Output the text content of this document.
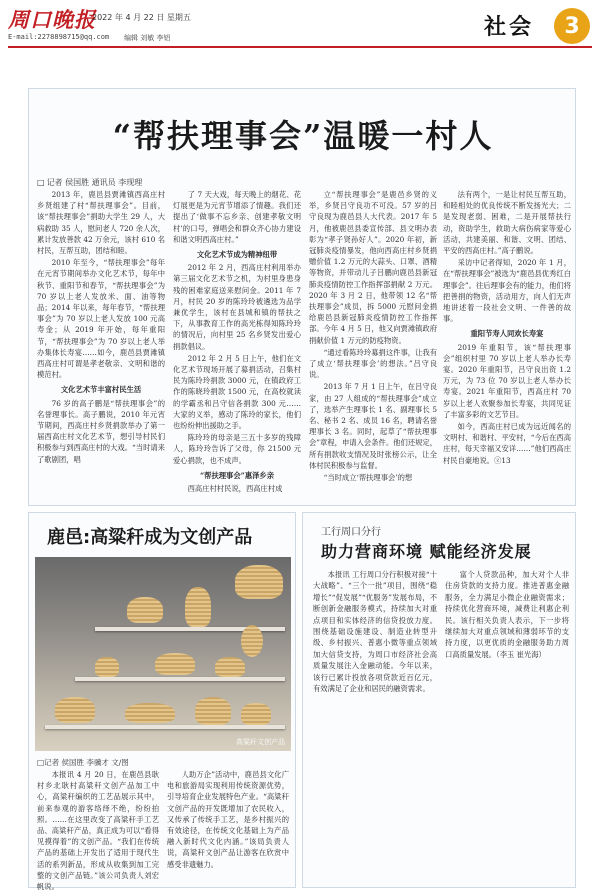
周口晚报
2022 年 4 月 22 日 星期五
E-mail:2278898715@qq.com 编辑 刘敏 李铝	社会	3
“帮扶理事会”温暖一村人
□ 记者 侯国胜 通讯员 李现理

2013 年，鹿邑县贾滩镇西高庄村乡贤组建了村“帮扶理事会”。目前，该“帮扶理事会”捐助大学生 29 人，大病救助 35 人，慰问老人 720 余人次，累计发放善款 42 万余元，该村 610 名村民，互帮互助，团结和睦。

2010 年至今，“帮扶理事会”每年在元宵节期间举办文化艺术节，每年中秋节、重阳节和春节，“帮扶理事会”为 70 岁以上老人发放米、面、油等物品；2014 年以来，每年春节，“帮扶理事会”为 70 岁以上老人发放 100 元高寿金；从 2019 年开始，每年重阳节，“帮扶理事会”为 70 岁以上老人举办集体长寿宴……如今，鹿邑县贾滩镇西高庄村可谓是孝老敬亲、文明和谐的模范村。

文化艺术节丰富村民生活

76 岁的高子鹏是“帮扶理事会”的名誉理事长。高子鹏说，2010 年元宵节期间，西高庄村乡贤捐款举办了第一届西高庄村文化艺术节，想引导村民们积极参与到西高庄村的大戏。“当时请来了歌剧团，唱

了 7 天大戏，每天晚上的烟花、花灯展更是为元宵节增添了情趣。我们还提出了‘做事不忘乡亲、创建孝敬文明村’的口号，弹唱会和群众齐心协力建设和谐文明西高庄村。”

文化艺术节成为精神纽带

2012 年 2 月，西高庄村利用举办第三届文化艺术节之机，为村里身患身残的困难家庭送来慰问金。2011 年 7 月，村民 20 岁的陈玲玲被遴选为品学兼优学生，该村在县城和镇的帮扶之下，从事教育工作的高光栋得知陈玲玲的情况后，向村里 25 名乡贤发出爱心捐款倡议。

2012 年 2 月 5 日上午，他们在文化艺术节现场开展了募捐活动，召集村民为陈玲玲捐款 3000 元，在镇政府工作的陈晓玲捐款 1500 元，在高校就读的学霸丞和吕守信各捐款 300 元……大家的义举，感动了陈玲的家长，他们也纷纷伸出援助之手。

陈玲玲的母亲是三五十多岁的残障人，陈玲玲告诉了父母，你 21500 元爱心捐款，也不成声。

“帮扶理事会”惠泽乡亲

西高庄村村民说，西高庄村成

立“帮扶理事会”是鹿邑乡贤的义举，乡贤吕守良功不可没。57 岁的吕守良现为鹿邑县人大代表。2017 年 5 月，他被鹿邑县委宣传部、县文明办表彰为“孝子贤孙好人”。2020 年初，新冠肺炎疫情暴发，他向西高庄村乡贤捐赠价值 1.2 万元的大蒜头、口罩、酒精等物资，并带动儿子吕鹏向鹿邑县新冠肺炎疫情防控工作指挥部捐献 2 万元。2020 年 3 月 2 日，他带领 12 名“帮扶理事会”成员，拆 5000 元慰问金捐给鹿邑县新冠肺炎疫情防控工作指挥部。今年 4 月 5 日，他又向贾滩镇政府捐献价值 1 万元的防疫物资。

“通过看陈玲玲募捐这件事，让我有了成立‘帮扶理事会’的想法。”吕守良说。

2013 年 7 月 1 日上午，在吕守良家，由 27 人组成的“帮扶理事会”成立了，选举产生理事长 1 名、副理事长 5 名、秘书 2 名、成员 16 名，聘请名誉理事长 3 名。同时，起草了“帮扶理事会”章程，申请入会条件。他们还规定，所有捐款收支情况及时张榜公示，让全体村民积极参与监督。

“当时成立‘帮扶理事会’的想

法有两个，一是让村民互帮互助，和睦相处的优良传统不断发扬光大；二是发现老弱、困难，二是开展帮扶行动，资助学生，救助大病伤病家等爱心活动，共建美丽、和谐、文明、团结、平安的西高庄村。”高子鹏说。

采访中记者得知，2020 年 1 月，在“帮扶理事会”被选为“鹿邑县优秀红白理事会”。往后理事会有的能力，他们将把善捐的物资，活动用方，向人们无声地讲述着一段社会文明、一件善的故事。

重阳节寿人同欢长寿宴

2019 年重阳节，该“帮扶理事会”组织村里 70 岁以上老人举办长寿宴。2020 年重阳节，吕守良出资 1.2 万元，为 73 位 70 岁以上老人举办长寿宴。2021 年重阳节，西高庄村 70 岁以上老人欢聚参加长寿宴，共同见证了丰富多彩的文艺节目。

如今，西高庄村已成为远近闻名的文明村、和谐村、平安村，“今后在西高庄村，每天幸福又安详……”他们西高庄村民自豪地说。ⓩ13

鹿邑:高粱秆成为文创产品
高粱秆文创产品
□记者 侯国胜 李骥才 文/图

本报讯 4 月 20 日，在鹿邑县耿村乡北耿村高粱秆文创产品加工中心，高粱秆编织的工艺品展示其中，前来参观的游客络绎不绝，纷纷拍照。……在这里改变了高粱秆手工艺品、高粱秆产品，真正成为可以“看得见摸得着”的文创产品。“我们在传统产品的基础上开发出了适用于现代生活的系列新品，形成从收集到加工完整的文创产品链。”该公司负责人刘宏帆说。

人助万企”活动中，鹿邑县文化广电和旅游局实现利用传统资源优势，引导培育企业发展特色产业。“高粱秆文创产品的开发既增加了农民收入，又传承了传统手工艺，是乡村振兴的有效途径，在传统文化基础上为产品融入新时代文化内涵。”该局负责人说，高粱秆文创产品让游客在欣赏中感受非遗魅力。

工行周口分行
助力营商环境 赋能经济发展

本报讯 工行周口分行积极对接“十大战略”、“三个一批”项目，围绕“稳增长”“促发展”“优服务”发展布局，不断创新金融服务模式，持续加大对重点项目和实体经济的信贷投放力度。围绕基础设施建设、制造业转型升级、乡村振兴、普惠小微等重点领域加大信贷支持，为周口市经济社会高质量发展注入金融动能。今年以来，该行已累计投放各项贷款近百亿元，有效满足了企业和居民的融资需求。

富个人贷款品种，加大对个人非住房贷款的支持力度。推进普惠金融服务，全力满足小微企业融资需求；持续优化营商环境，减费让利惠企利民。该行相关负责人表示，下一步将继续加大对重点领域和薄弱环节的支持力度，以更优质的金融服务助力周口高质量发展。（李玉 崔光海）
